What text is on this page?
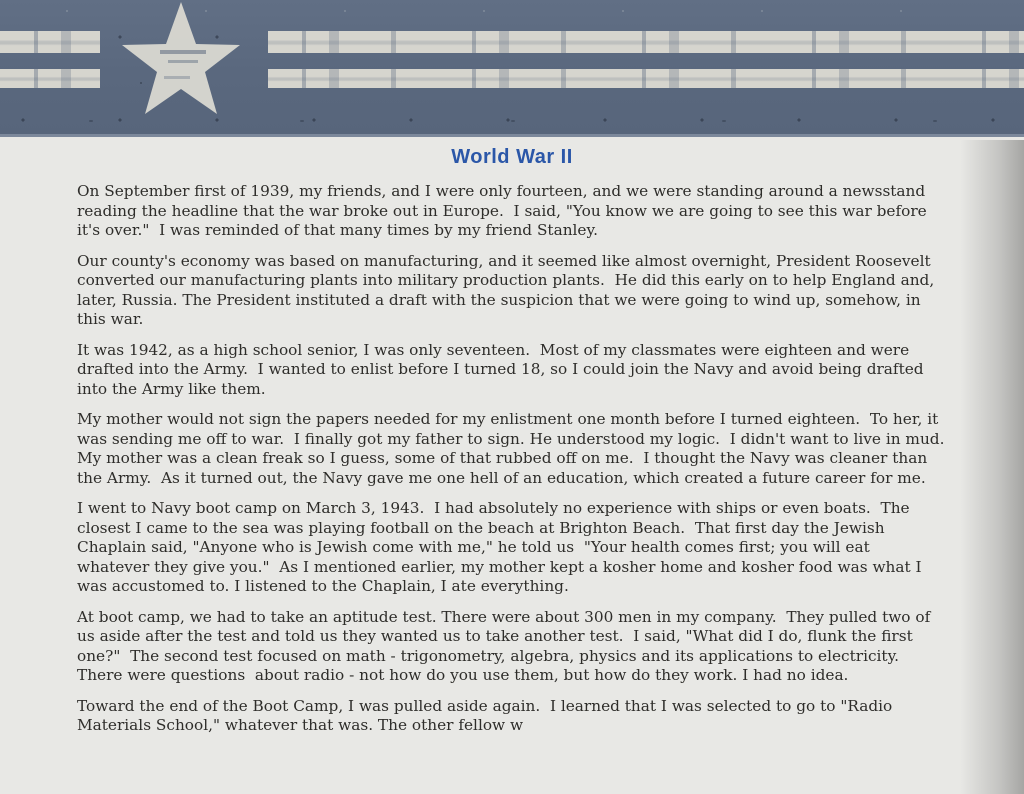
World War II

On September first of 1939, my friends, and I were only fourteen, and we were standing around a newsstand reading the headline that the war broke out in Europe.  I said, "You know we are going to see this war before it's over."  I was reminded of that many times by my friend Stanley.

Our county's economy was based on manufacturing, and it seemed like almost overnight, President Roosevelt converted our manufacturing plants into military production plants.  He did this early on to help England and, later, Russia. The President instituted a draft with the suspicion that we were going to wind up, somehow, in this war.

It was 1942, as a high school senior, I was only seventeen.  Most of my classmates were eighteen and were drafted into the Army.  I wanted to enlist before I turned 18, so I could join the Navy and avoid being drafted into the Army like them.

My mother would not sign the papers needed for my enlistment one month before I turned eighteen.  To her, it was sending me off to war.  I finally got my father to sign. He understood my logic.  I didn't want to live in mud.  My mother was a clean freak so I guess, some of that rubbed off on me.  I thought the Navy was cleaner than the Army.  As it turned out, the Navy gave me one hell of an education, which created a future career for me.

I went to Navy boot camp on March 3, 1943.  I had absolutely no experience with ships or even boats.  The closest I came to the sea was playing football on the beach at Brighton Beach.  That first day the Jewish Chaplain said, "Anyone who is Jewish come with me," he told us  "Your health comes first; you will eat whatever they give you."  As I mentioned earlier, my mother kept a kosher home and kosher food was what I was accustomed to. I listened to the Chaplain, I ate everything.

At boot camp, we had to take an aptitude test. There were about 300 men in my company.  They pulled two of us aside after the test and told us they wanted us to take another test.  I said, "What did I do, flunk the first one?"  The second test focused on math - trigonometry, algebra, physics and its applications to electricity. There were questions  about radio - not how do you use them, but how do they work. I had no idea.

Toward the end of the Boot Camp, I was pulled aside again.  I learned that I was selected to go to "Radio Materials School," whatever that was. The other fellow w
